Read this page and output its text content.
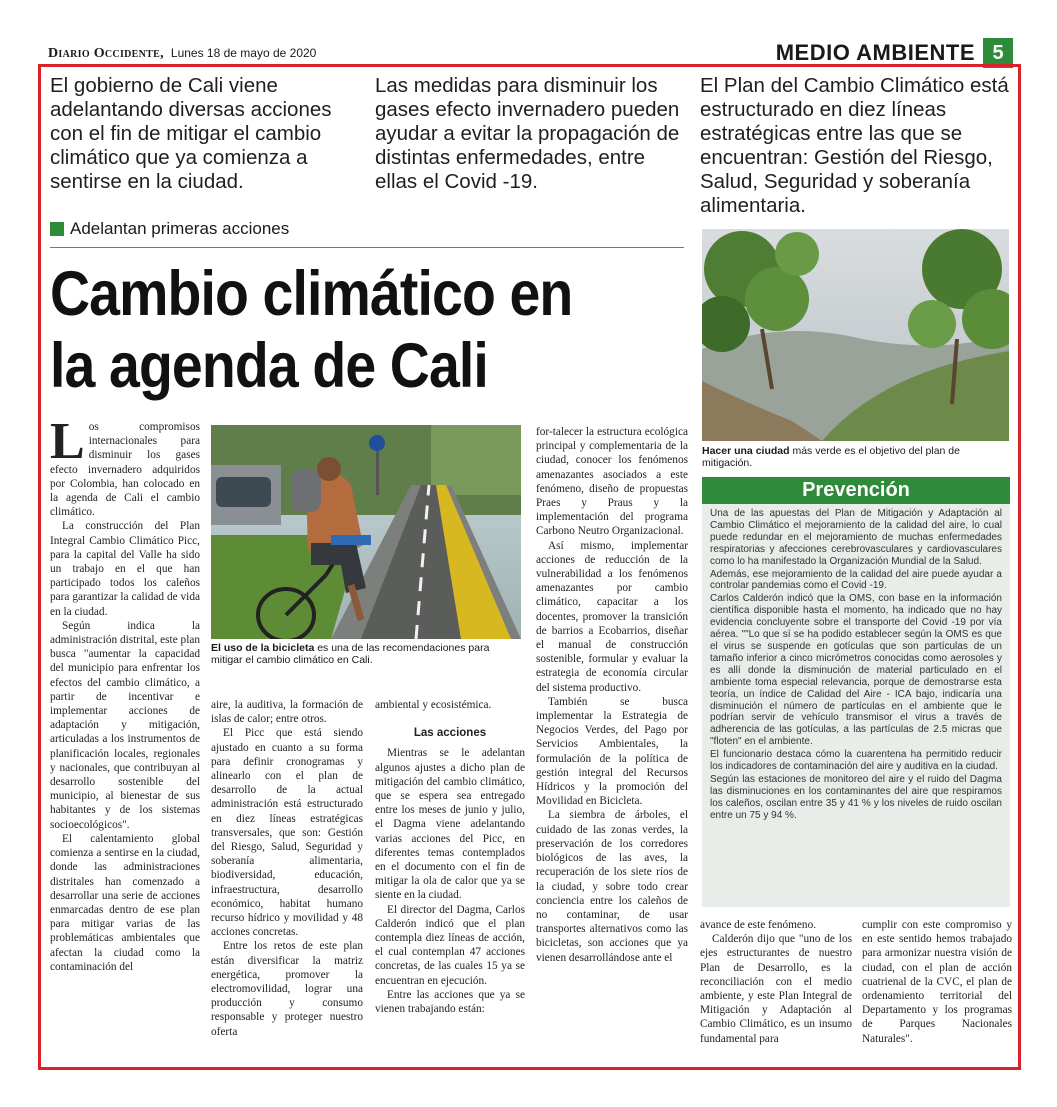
Diario Occidente, Lunes 18 de mayo de 2020	MEDIO AMBIENTE 5
El gobierno de Cali viene adelantando diversas acciones con el fin de mitigar el cambio climático que ya comienza a sentirse en la ciudad.
Las medidas para disminuir los gases efecto invernadero pueden ayudar a evitar la propagación de distintas enfermedades, entre ellas el Covid -19.
El Plan del Cambio Climático está estructurado en diez líneas estratégicas entre las que se encuentran: Gestión del Riesgo, Salud, Seguridad y soberanía alimentaria.
Adelantan primeras acciones
Cambio climático en la agenda de Cali

Los compromisos internacionales para disminuir los gases efecto invernadero adquiridos por Colombia, han colocado en la agenda de Cali el cambio climático.

La construcción del Plan Integral Cambio Climático Picc, para la capital del Valle ha sido un trabajo en el que han participado todos los caleños para garantizar la calidad de vida en la ciudad.

Según indica la administración distrital, este plan busca "aumentar la capacidad del municipio para enfrentar los efectos del cambio climático, a partir de incentivar e implementar acciones de adaptación y mitigación, articuladas a los instrumentos de planificación locales, regionales y nacionales, que contribuyan al desarrollo sostenible del municipio, al bienestar de sus habitantes y de los sistemas socioecológicos".

El calentamiento global comienza a sentirse en la ciudad, donde las administraciones distritales han comenzado a desarrollar una serie de acciones enmarcadas dentro de ese plan para mitigar varias de las problemáticas ambientales que afectan la ciudad como la contaminación del

El uso de la bicicleta es una de las recomendaciones para mitigar el cambio climático en Cali.

aire, la auditiva, la formación de islas de calor; entre otros.

El Picc que está siendo ajustado en cuanto a su forma para definir cronogramas y alinearlo con el plan de desarrollo de la actual administración está estructurado en diez líneas estratégicas transversales, que son: Gestión del Riesgo, Salud, Seguridad y soberanía alimentaria, biodiversidad, educación, infraestructura, desarrollo económico, habitat humano recurso hídrico y movilidad y 48 acciones concretas.

Entre los retos de este plan están diversificar la matriz energética, promover la electromovilidad, lograr una producción y consumo responsable y proteger nuestro oferta

ambiental y ecosistémica.

Las acciones

Mientras se le adelantan algunos ajustes a dicho plan de mitigación del cambio climático, que se espera sea entregado entre los meses de junio y julio, el Dagma viene adelantando varias acciones del Picc, en diferentes temas contemplados en el documento con el fin de mitigar la ola de calor que ya se siente en la ciudad.

El director del Dagma, Carlos Calderón indicó que el plan contempla diez líneas de acción, el cual contemplan 47 acciones concretas, de las cuales 15 ya se encuentran en ejecución.

Entre las acciones que ya se vienen trabajando están:

for-talecer la estructura ecológica principal y complementaria de la ciudad, conocer los fenómenos amenazantes asociados a este fenómeno, diseño de propuestas Praes y Praus y la implementación del programa Carbono Neutro Organizacional.

Así mismo, implementar acciones de reducción de la vulnerabilidad a los fenómenos amenazantes por cambio climático, capacitar a los docentes, promover la transición de barrios a Ecobarrios, diseñar el manual de construcción sostenible, formular y evaluar la estrategia de economía circular del sistema productivo.

También se busca implementar la Estrategia de Negocios Verdes, del Pago por Servicios Ambientales, la formulación de la política de gestión integral del Recursos Hídricos y la promoción del Movilidad en Bicicleta.

La siembra de árboles, el cuidado de las zonas verdes, la preservación de los corredores biológicos de las aves, la recuperación de los siete ríos de la ciudad, y sobre todo crear conciencia entre los caleños de no contaminar, de usar transportes alternativos como las bicicletas, son acciones que ya vienen desarrollándose ante el

Hacer una ciudad más verde es el objetivo del plan de mitigación.
Prevención

Una de las apuestas del Plan de Mitigación y Adaptación al Cambio Climático el mejoramiento de la calidad del aire, lo cual puede redundar en el mejoramiento de muchas enfermedades respiratorias y afecciones cerebrovasculares y cardiovasculares como lo ha manifestado la Organización Mundial de la Salud.

Además, ese mejoramiento de la calidad del aire puede ayudar a controlar pandemias como el Covid -19.

Carlos Calderón indicó que la OMS, con base en la información científica disponible hasta el momento, ha indicado que no hay evidencia concluyente sobre el transporte del Covid -19 por vía aérea. ""Lo que sí se ha podido establecer según la OMS es que el virus se suspende en gotículas que son partículas de un tamaño inferior a cinco micrómetros conocidas como aerosoles y es allí donde la disminución de material particulado en el ambiente toma especial relevancia, porque de demostrarse esta teoría, un índice de Calidad del Aire - ICA bajo, indicaría una disminución el número de partículas en el ambiente que le podrían servir de vehículo transmisor el virus a través de adherencia de las gotículas, a las partículas de 2.5 micras que "floten" en el ambiente.

El funcionario destaca cómo la cuarentena ha permitido reducir los indicadores de contaminación del aire y auditiva en la ciudad.

Según las estaciones de monitoreo del aire y el ruido del Dagma las disminuciones en los contaminantes del aire que respiramos los caleños, oscilan entre 35 y 41 % y los niveles de ruido oscilan entre un 75 y 94 %.

avance de este fenómeno.

Calderón dijo que "uno de los ejes estructurantes de nuestro Plan de Desarrollo, es la reconciliación con el medio ambiente, y este Plan Integral de Mitigación y Adaptación al Cambio Climático, es un insumo fundamental para

cumplir con este compromiso y en este sentido hemos trabajado para armonizar nuestra visión de ciudad, con el plan de acción cuatrienal de la CVC, el plan de ordenamiento territorial del Departamento y los programas de Parques Nacionales Naturales".
